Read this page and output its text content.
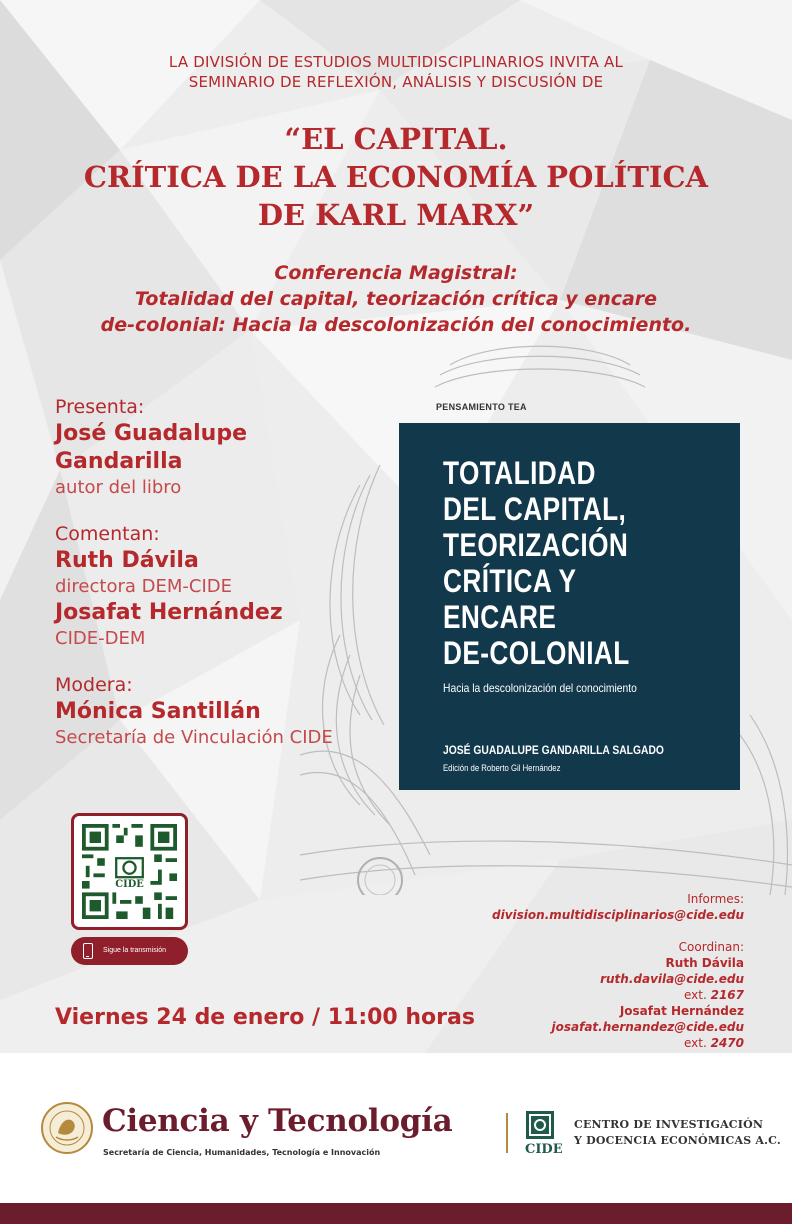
LA DIVISIÓN DE ESTUDIOS MULTIDISCIPLINARIOS INVITA AL
SEMINARIO DE REFLEXIÓN, ANÁLISIS Y DISCUSIÓN DE
“EL CAPITAL.
CRÍTICA DE LA ECONOMÍA POLÍTICA
DE KARL MARX”
Conferencia Magistral:
Totalidad del capital, teorización crítica y encare
de-colonial: Hacia la descolonización del conocimiento.
Presenta:
José Guadalupe
Gandarilla
autor del libro
Comentan:
Ruth Dávila
directora DEM-CIDE
Josafat Hernández
CIDE-DEM
Modera:
Mónica Santillán
Secretaría de Vinculación CIDE
PENSAMIENTO TEA
TOTALIDAD
DEL CAPITAL,
TEORIZACIÓN
CRÍTICA Y ENCARE
DE-COLONIAL
Hacia la descolonización del conocimiento
JOSÉ GUADALUPE GANDARILLA SALGADO
Edición de Roberto Gil Hernández
CIDE
Sigue la transmisión
Informes:
division.multidisciplinarios@cide.edu
Coordinan:
Ruth Dávila
ruth.davila@cide.edu
ext. 2167
Josafat Hernández
josafat.hernandez@cide.edu
ext. 2470
Viernes 24 de enero / 11:00 horas
Ciencia y Tecnología
Secretaría de Ciencia, Humanidades, Tecnología e Innovación	CIDE
CENTRO DE INVESTIGACIÓN
Y DOCENCIA ECONÓMICAS A.C.
